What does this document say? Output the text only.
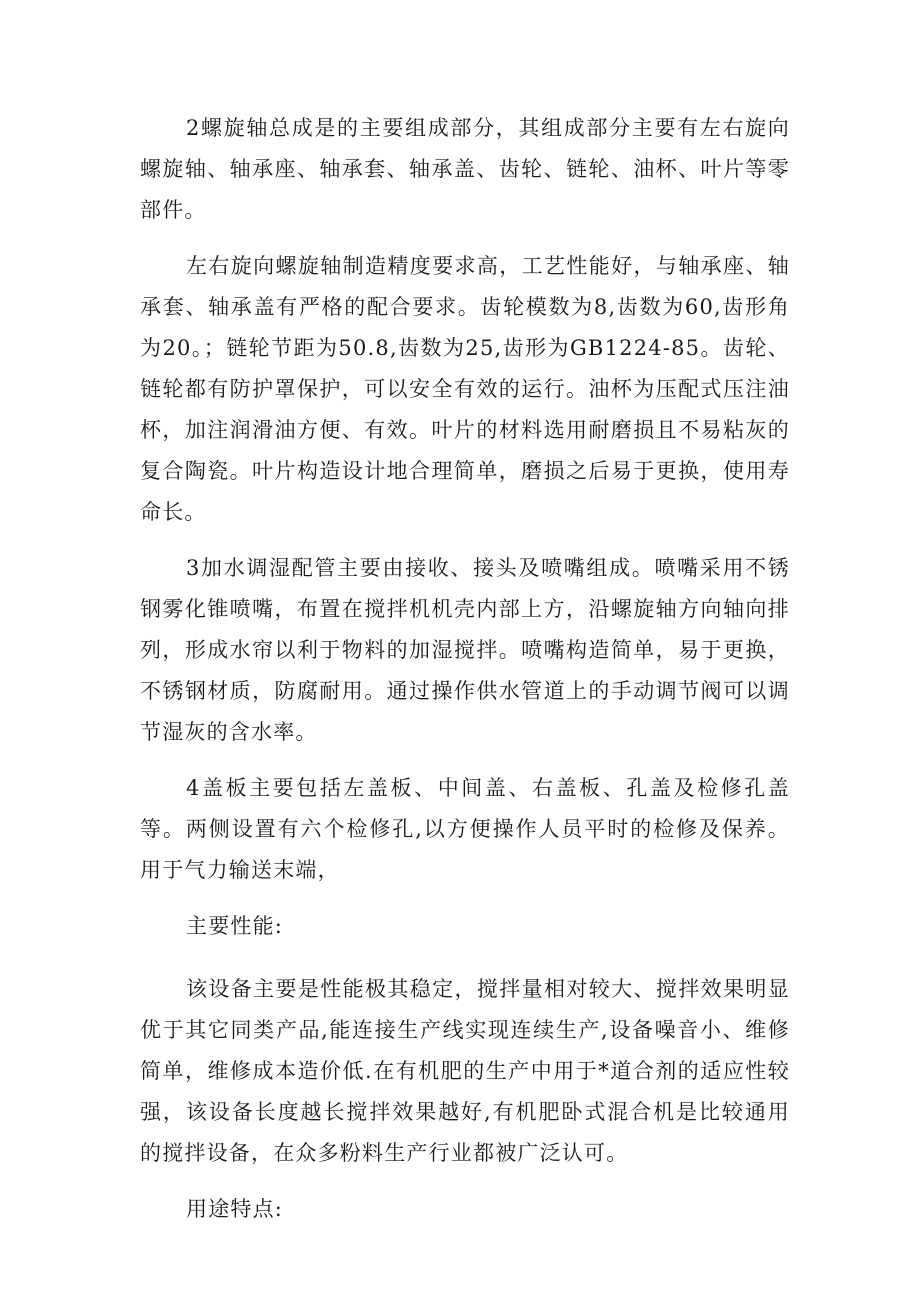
2螺旋轴总成是的主要组成部分，其组成部分主要有左右旋向螺旋轴、轴承座、轴承套、轴承盖、齿轮、链轮、油杯、叶片等零部件。

左右旋向螺旋轴制造精度要求高，工艺性能好，与轴承座、轴承套、轴承盖有严格的配合要求。齿轮模数为8,齿数为60,齿形角为20。；链轮节距为50.8,齿数为25,齿形为GB1224-85。齿轮、链轮都有防护罩保护，可以安全有效的运行。油杯为压配式压注油杯，加注润滑油方便、有效。叶片的材料选用耐磨损且不易粘灰的复合陶瓷。叶片构造设计地合理简单，磨损之后易于更换，使用寿命长。

3加水调湿配管主要由接收、接头及喷嘴组成。喷嘴采用不锈钢雾化锥喷嘴，布置在搅拌机机壳内部上方，沿螺旋轴方向轴向排列，形成水帘以利于物料的加湿搅拌。喷嘴构造简单，易于更换，不锈钢材质，防腐耐用。通过操作供水管道上的手动调节阀可以调节湿灰的含水率。

4盖板主要包括左盖板、中间盖、右盖板、孔盖及检修孔盖等。两侧设置有六个检修孔,以方便操作人员平时的检修及保养。用于气力输送末端，

主要性能:

该设备主要是性能极其稳定，搅拌量相对较大、搅拌效果明显优于其它同类产品,能连接生产线实现连续生产,设备噪音小、维修简单，维修成本造价低.在有机肥的生产中用于*道合剂的适应性较强，该设备长度越长搅拌效果越好,有机肥卧式混合机是比较通用的搅拌设备，在众多粉料生产行业都被广泛认可。

用途特点:
